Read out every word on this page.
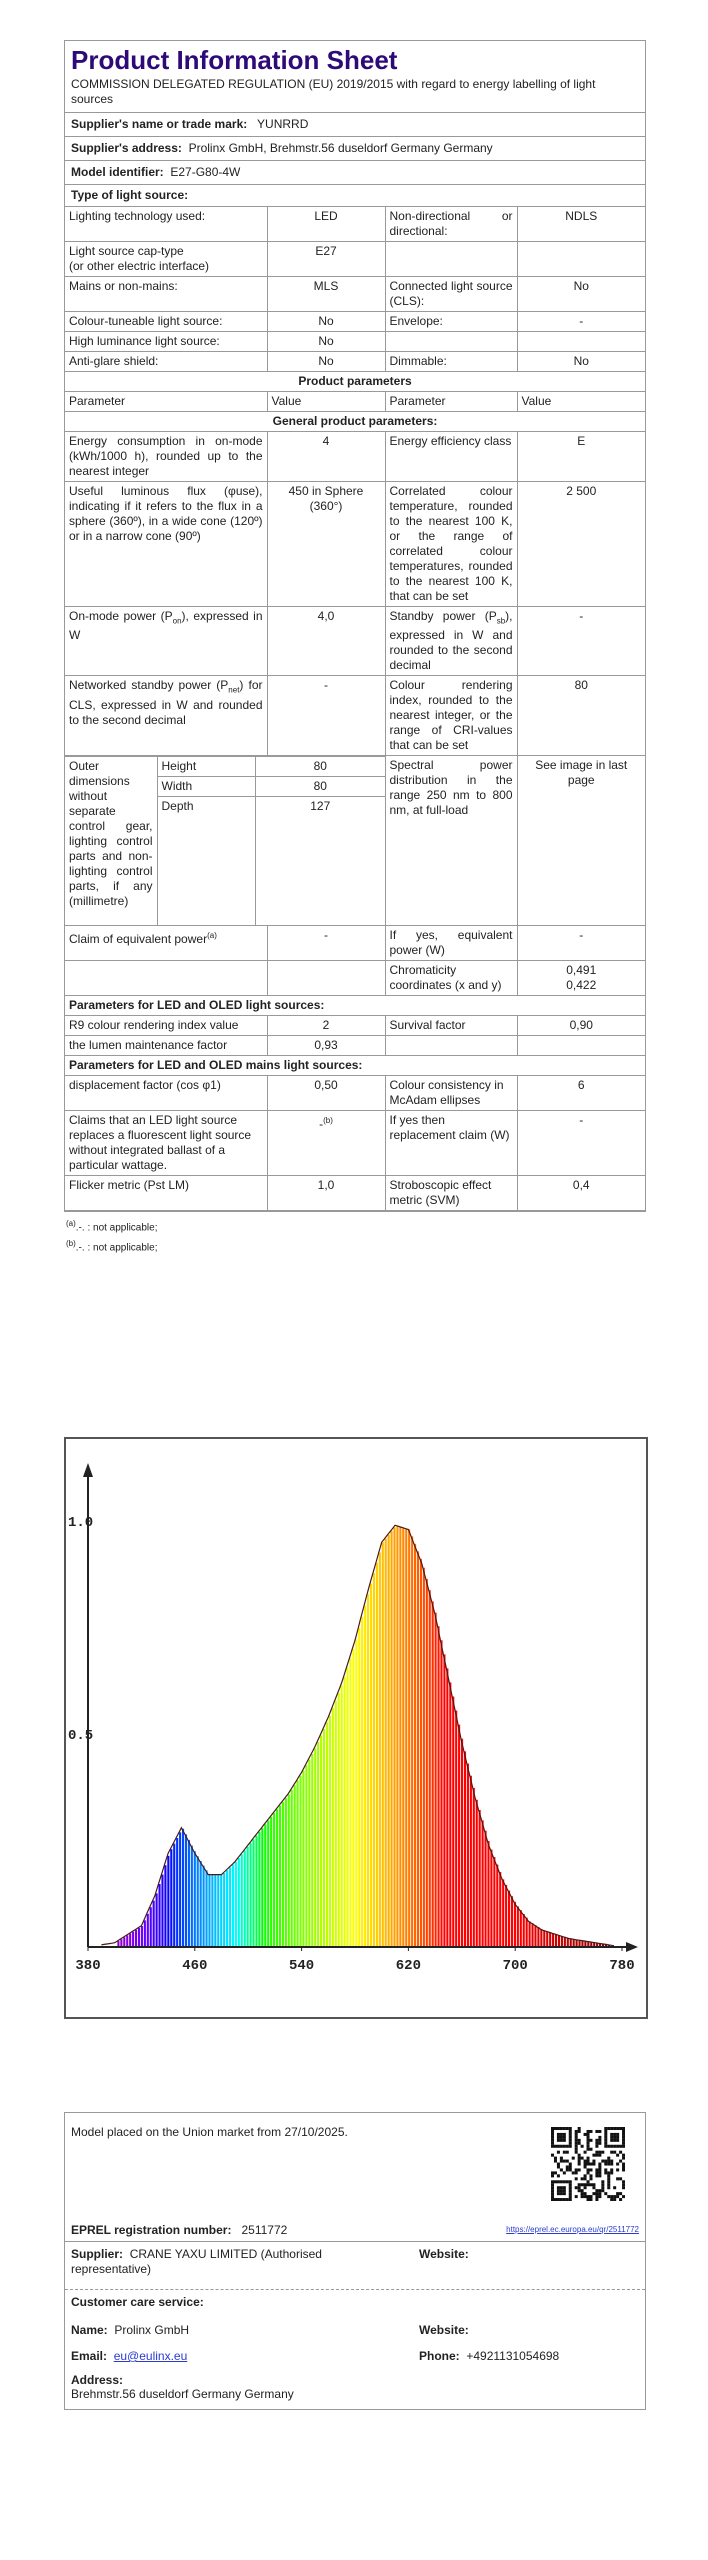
Product Information Sheet
COMMISSION DELEGATED REGULATION (EU) 2019/2015 with regard to energy labelling of light sources
Supplier's name or trade mark: YUNRRD
Supplier's address: Prolinx GmbH, Brehmstr.56 duseldorf Germany Germany
Model identifier: E27-G80-4W
Type of light source:
Lighting technology used:	LED	Non-directional or directional:	NDLS
Light source cap-type
(or other electric interface)	E27		
Mains or non-mains:	MLS	Connected light source (CLS):	No
Colour-tuneable light source:	No	Envelope:	-
High luminance light source:	No		
Anti-glare shield:	No	Dimmable:	No
Product parameters
Parameter	Value	Parameter	Value
General product parameters:
Energy consumption in on-mode (kWh/1000 h), rounded up to the nearest integer	4	Energy efficiency class	E
Useful luminous flux (φuse), indicating if it refers to the flux in a sphere (360º), in a wide cone (120º) or in a narrow cone (90º)	450 in Sphere (360°)	Correlated colour temperature, rounded to the nearest 100 K, or the range of correlated colour temperatures, rounded to the nearest 100 K, that can be set	2 500
On-mode power $(P_{on})$, expressed in W	4,0	Standby power $(P_{sb})$, expressed in W and rounded to the second decimal	-
Networked standby power $(P_{net})$ for CLS, expressed in W and rounded to the second decimal	-	Colour rendering index, rounded to the nearest integer, or the range of CRI-values that can be set	80

Outer dimensions without separate control gear, lighting control parts and non-lighting control parts, if any (millimetre)	Height	80
Width	80
Depth	127
	Spectral power distribution in the range 250 nm to 800 nm, at full-load	See image in last page
Claim of equivalent power$^{(a)}$	-	If yes, equivalent power (W)	-
		Chromaticity coordinates (x and y)	0,491
0,422
Parameters for LED and OLED light sources:
R9 colour rendering index value	2	Survival factor	0,90
the lumen maintenance factor	0,93		
Parameters for LED and OLED mains light sources:
displacement factor (cos φ1)	0,50	Colour consistency in McAdam ellipses	6
Claims that an LED light source replaces a fluorescent light source without integrated ballast of a particular wattage.	-$^{(b)}$	If yes then replacement claim (W)	-
Flicker metric (Pst LM)	1,0	Stroboscopic effect metric (SVM)	0,4
$^{(a)}$.-. : not applicable;
$^{(b)}$.-. : not applicable;
380	460	540	620	700	780
1.0
0.5
Model placed on the Union market from 27/10/2025.
EPREL registration number: 2511772	https://eprel.ec.europa.eu/qr/2511772
Supplier: CRANE YAXU LIMITED (Authorised representative)
Website:
Customer care service:
Name: Prolinx GmbH	Website:
Email: eu@eulinx.eu	Phone: +4921131054698
Address:
Brehmstr.56 duseldorf Germany Germany
